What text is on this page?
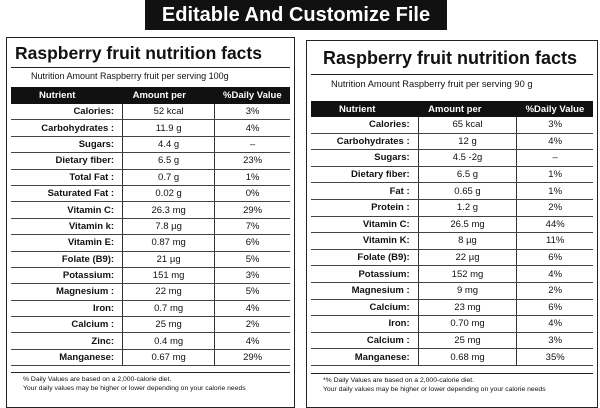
Editable And Customize File
Raspberry fruit nutrition facts
Nutrition Amount Raspberry fruit per serving 100g
Nutrient	Amount per	%Daily Value
Calories:	52 kcal	3%
Carbohydrates :	11.9 g	4%
Sugars:	4.4 g	–
Dietary fiber:	6.5 g	23%
Total Fat :	0.7 g	1%
Saturated Fat :	0.02 g	0%
Vitamin C:	26.3 mg	29%
Vitamin k:	7.8 µg	7%
Vitamin E:	0.87 mg	6%
Folate (B9):	21 µg	5%
Potassium:	151 mg	3%
Magnesium :	22 mg	5%
Iron:	0.7 mg	4%
Calcium :	25 mg	2%
Zinc:	0.4 mg	4%
Manganese:	0.67 mg	29%
% Daily Values are based on a 2,000-calorie diet.
Your daily values may be higher or lower depending on your calorie needs
Raspberry fruit nutrition facts
Nutrition Amount Raspberry fruit per serving 90 g
Nutrient	Amount per	%Daily Value
Calories:	65 kcal	3%
Carbohydrates :	12 g	4%
Sugars:	4.5 -2g	–
Dietary fiber:	6.5 g	1%
Fat :	0.65 g	1%
Protein :	1.2 g	2%
Vitamin C:	26.5 mg	44%
Vitamin K:	8 µg	11%
Folate (B9):	22 µg	6%
Potassium:	152 mg	4%
Magnesium :	9 mg	2%
Calcium:	23 mg	6%
Iron:	0.70 mg	4%
Calcium :	25 mg	3%
Manganese:	0.68 mg	35%
*% Daily Values are based on a 2,000-calorie diet.
Your daily values may be higher or lower depending on your calorie needs
